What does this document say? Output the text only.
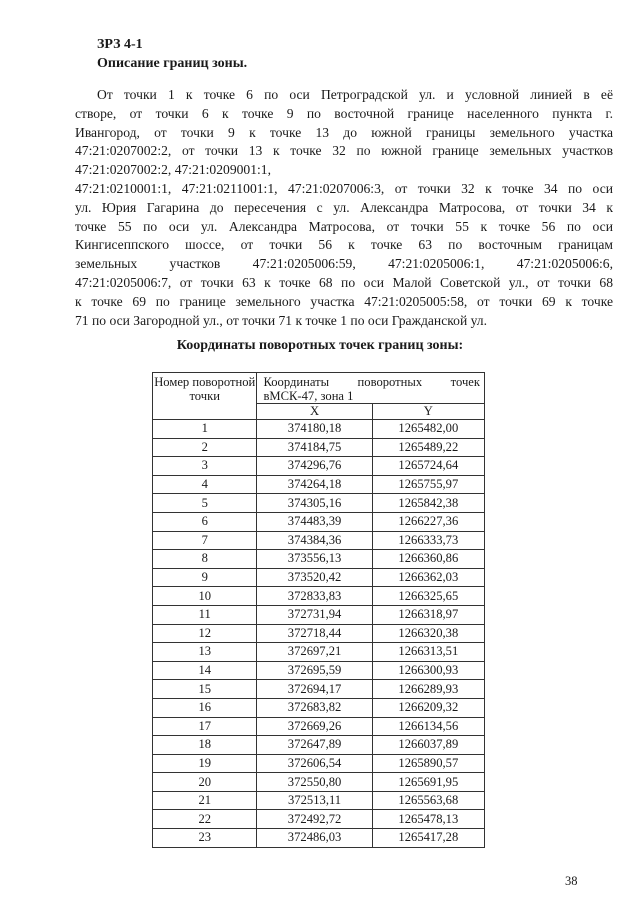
ЗРЗ 4-1
Описание границ зоны.

От точки 1 к точке 6 по оси Петроградской ул. и условной линией в её
створе, от точки 6 к точке 9 по восточной границе населенного пункта г.
Ивангород, от точки 9 к точке 13 до южной границы земельного участка
47:21:0207002:2, от точки 13 к точке 32 по южной границе земельных участков
47:21:0207002:2, 47:21:0209001:1,
47:21:0210001:1, 47:21:0211001:1, 47:21:0207006:3, от точки 32 к точке 34 по оси
ул. Юрия Гагарина до пересечения с ул. Александра Матросова, от точки 34 к
точке 55 по оси ул. Александра Матросова, от точки 55 к точке 56 по оси
Кингисеппского шоссе, от точки 56 к точке 63 по восточным границам
земельных участков 47:21:0205006:59, 47:21:0205006:1, 47:21:0205006:6,
47:21:0205006:7, от точки 63 к точке 68 по оси Малой Советской ул., от точки 68
к точке 69 по границе земельного участка 47:21:0205005:58, от точки 69 к точке
71 по оси Загородной ул., от точки 71 к точке 1 по оси Гражданской ул.

Координаты поворотных точек границ зоны:
Номер поворотной точки	Координаты поворотных точек
вМСК-47, зона 1	
	X	Y
1	374180,18	1265482,00
2	374184,75	1265489,22
3	374296,76	1265724,64
4	374264,18	1265755,97
5	374305,16	1265842,38
6	374483,39	1266227,36
7	374384,36	1266333,73
8	373556,13	1266360,86
9	373520,42	1266362,03
10	372833,83	1266325,65
11	372731,94	1266318,97
12	372718,44	1266320,38
13	372697,21	1266313,51
14	372695,59	1266300,93
15	372694,17	1266289,93
16	372683,82	1266209,32
17	372669,26	1266134,56
18	372647,89	1266037,89
19	372606,54	1265890,57
20	372550,80	1265691,95
21	372513,11	1265563,68
22	372492,72	1265478,13
23	372486,03	1265417,28
38
